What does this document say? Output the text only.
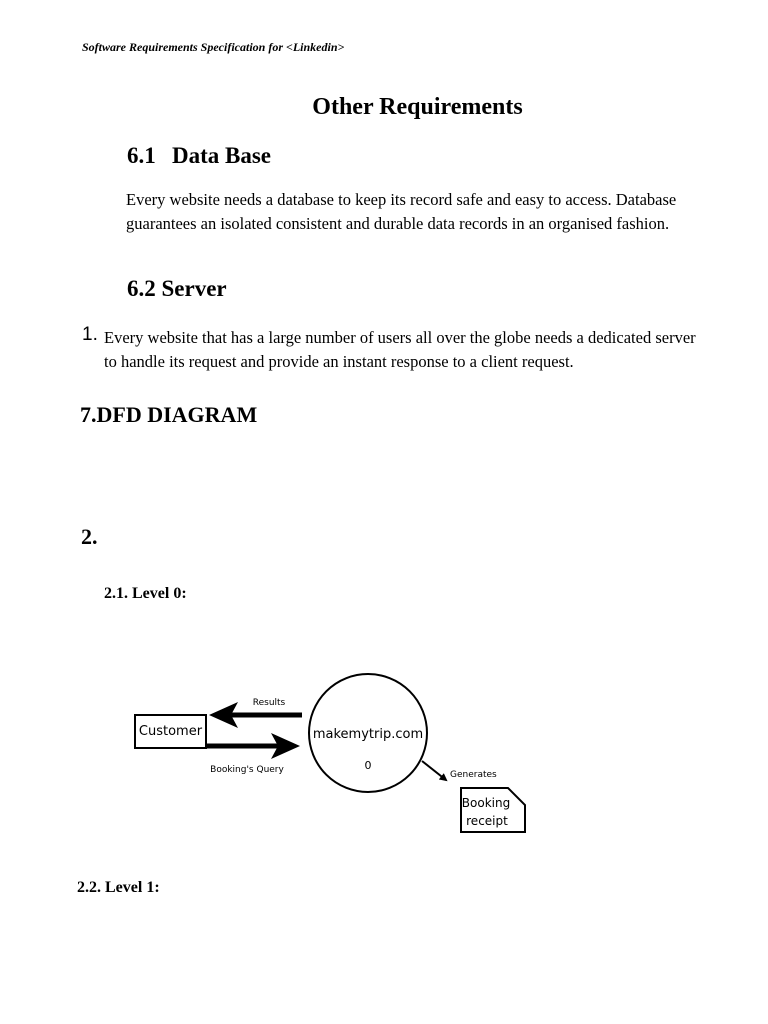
Software Requirements Specification for <Linkedin>
Other Requirements
6.1 Data Base
Every website needs a database to keep its record safe and easy to access. Database guarantees an isolated consistent and durable data records in an organised fashion.
6.2 Server
1. Every website that has a large number of users all over the globe needs a dedicated server to handle its request and provide an instant response to a client request.
7.DFD DIAGRAM
2.
2.1. Level 0:
Customer
Results
Booking's Query
makemytrip.com
0
Generates
Booking
receipt
2.2. Level 1:
